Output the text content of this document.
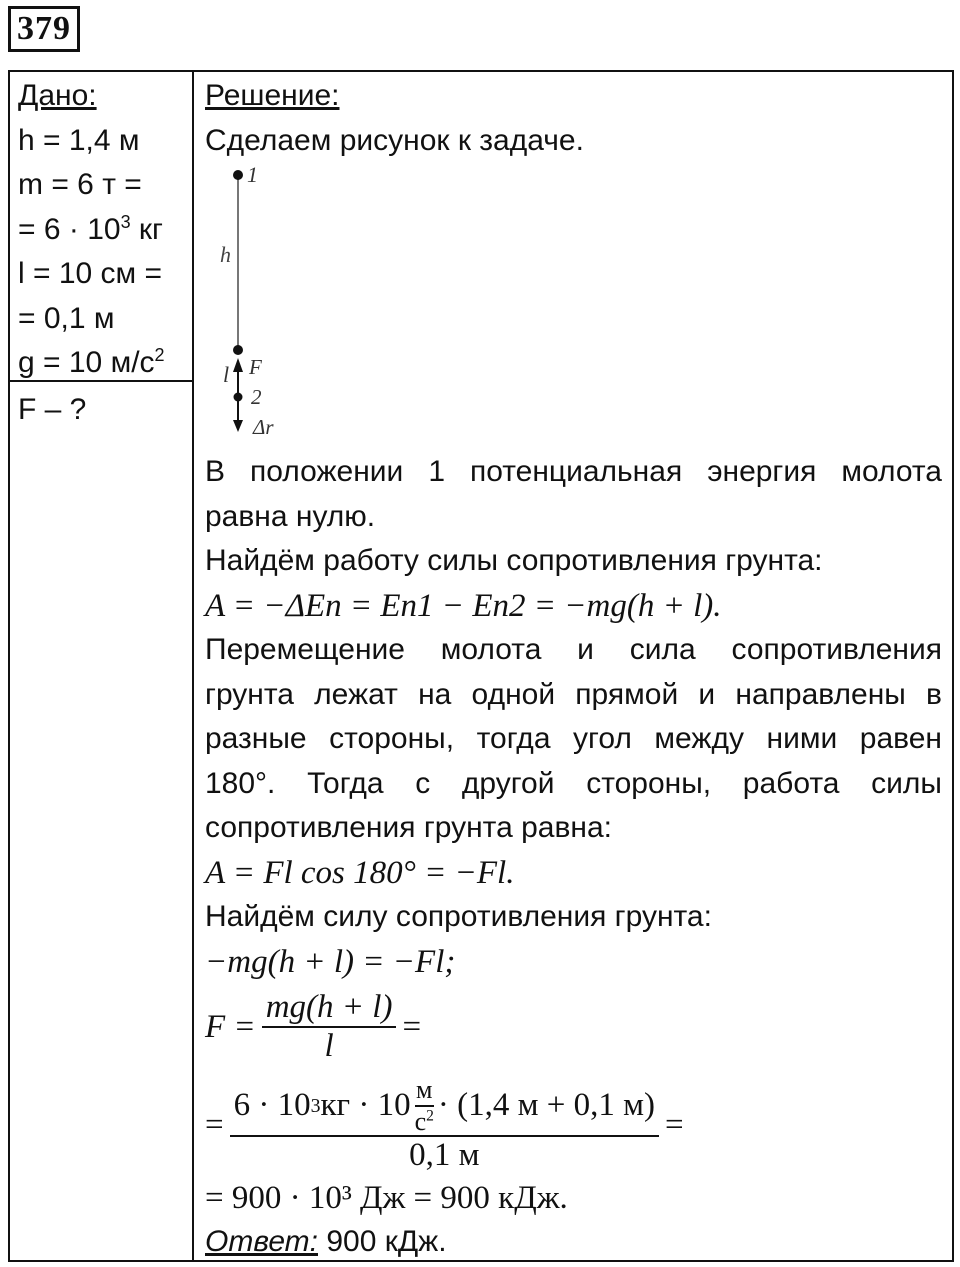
379
Дано:
h = 1,4 м
m = 6 т =
= $6 \cdot 10^3$ кг
l = 10 см =
= 0,1 м
g = 10 $м/с^2$
F – ?
Решение:
Сделаем рисунок к задаче.
1
h
F
l
2
Δr
В положении 1 потенциальная энергия молота
равна нулю.
Найдём работу силы сопротивления грунта:
A = −ΔEп = Eп1 − Eп2 = −mg(h + l).
Перемещение молота и сила сопротивления
грунта лежат на одной прямой и направлены в
разные стороны, тогда угол между ними равен
180°. Тогда с другой стороны, работа силы
сопротивления грунта равна:
A = Fl cos 180° = −Fl.
Найдём силу сопротивления грунта:
−mg(h + l) = −Fl;
$F = \frac{mg(h + l)}{l}$ =
=
6 · 10 3 кг · $10 \frac{м}{с^2} \cdot (1,4$ м + 0,1 м)
0,1 м
=
= 900 · 10³ Дж = 900 кДж.
Ответ: 900 кДж.
